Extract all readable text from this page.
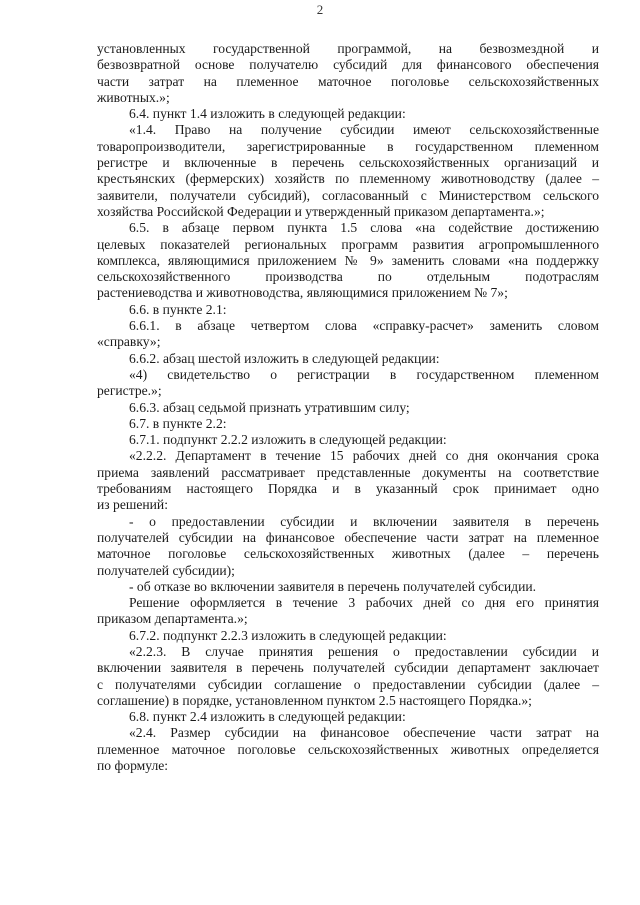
2
установленных государственной программой, на безвозмездной и
безвозвратной основе получателю субсидий для финансового обеспечения
части затрат на племенное маточное поголовье сельскохозяйственных
животных.»;
6.4. пункт 1.4 изложить в следующей редакции:
«1.4. Право на получение субсидии имеют сельскохозяйственные
товаропроизводители, зарегистрированные в государственном племенном
регистре и включенные в перечень сельскохозяйственных организаций и
крестьянских (фермерских) хозяйств по племенному животноводству (далее –
заявители, получатели субсидий), согласованный с Министерством сельского
хозяйства Российской Федерации и утвержденный приказом департамента.»;
6.5. в абзаце первом пункта 1.5 слова «на содействие достижению
целевых показателей региональных программ развития агропромышленного
комплекса, являющимися приложением № 9» заменить словами «на поддержку
сельскохозяйственного производства по отдельным подотраслям
растениеводства и животноводства, являющимися приложением № 7»;
6.6. в пункте 2.1:
6.6.1. в абзаце четвертом слова «справку-расчет» заменить словом
«справку»;
6.6.2. абзац шестой изложить в следующей редакции:
«4) свидетельство о регистрации в государственном племенном
регистре.»;
6.6.3. абзац седьмой признать утратившим силу;
6.7. в пункте 2.2:
6.7.1. подпункт 2.2.2 изложить в следующей редакции:
«2.2.2. Департамент в течение 15 рабочих дней со дня окончания срока
приема заявлений рассматривает представленные документы на соответствие
требованиям настоящего Порядка и в указанный срок принимает одно
из решений:
- о предоставлении субсидии и включении заявителя в перечень
получателей субсидии на финансовое обеспечение части затрат на племенное
маточное поголовье сельскохозяйственных животных (далее – перечень
получателей субсидии);
- об отказе во включении заявителя в перечень получателей субсидии.
Решение оформляется в течение 3 рабочих дней со дня его принятия
приказом департамента.»;
6.7.2. подпункт 2.2.3 изложить в следующей редакции:
«2.2.3. В случае принятия решения о предоставлении субсидии и
включении заявителя в перечень получателей субсидии департамент заключает
с получателями субсидии соглашение о предоставлении субсидии (далее –
соглашение) в порядке, установленном пунктом 2.5 настоящего Порядка.»;
6.8. пункт 2.4 изложить в следующей редакции:
«2.4. Размер субсидии на финансовое обеспечение части затрат на
племенное маточное поголовье сельскохозяйственных животных определяется
по формуле:
